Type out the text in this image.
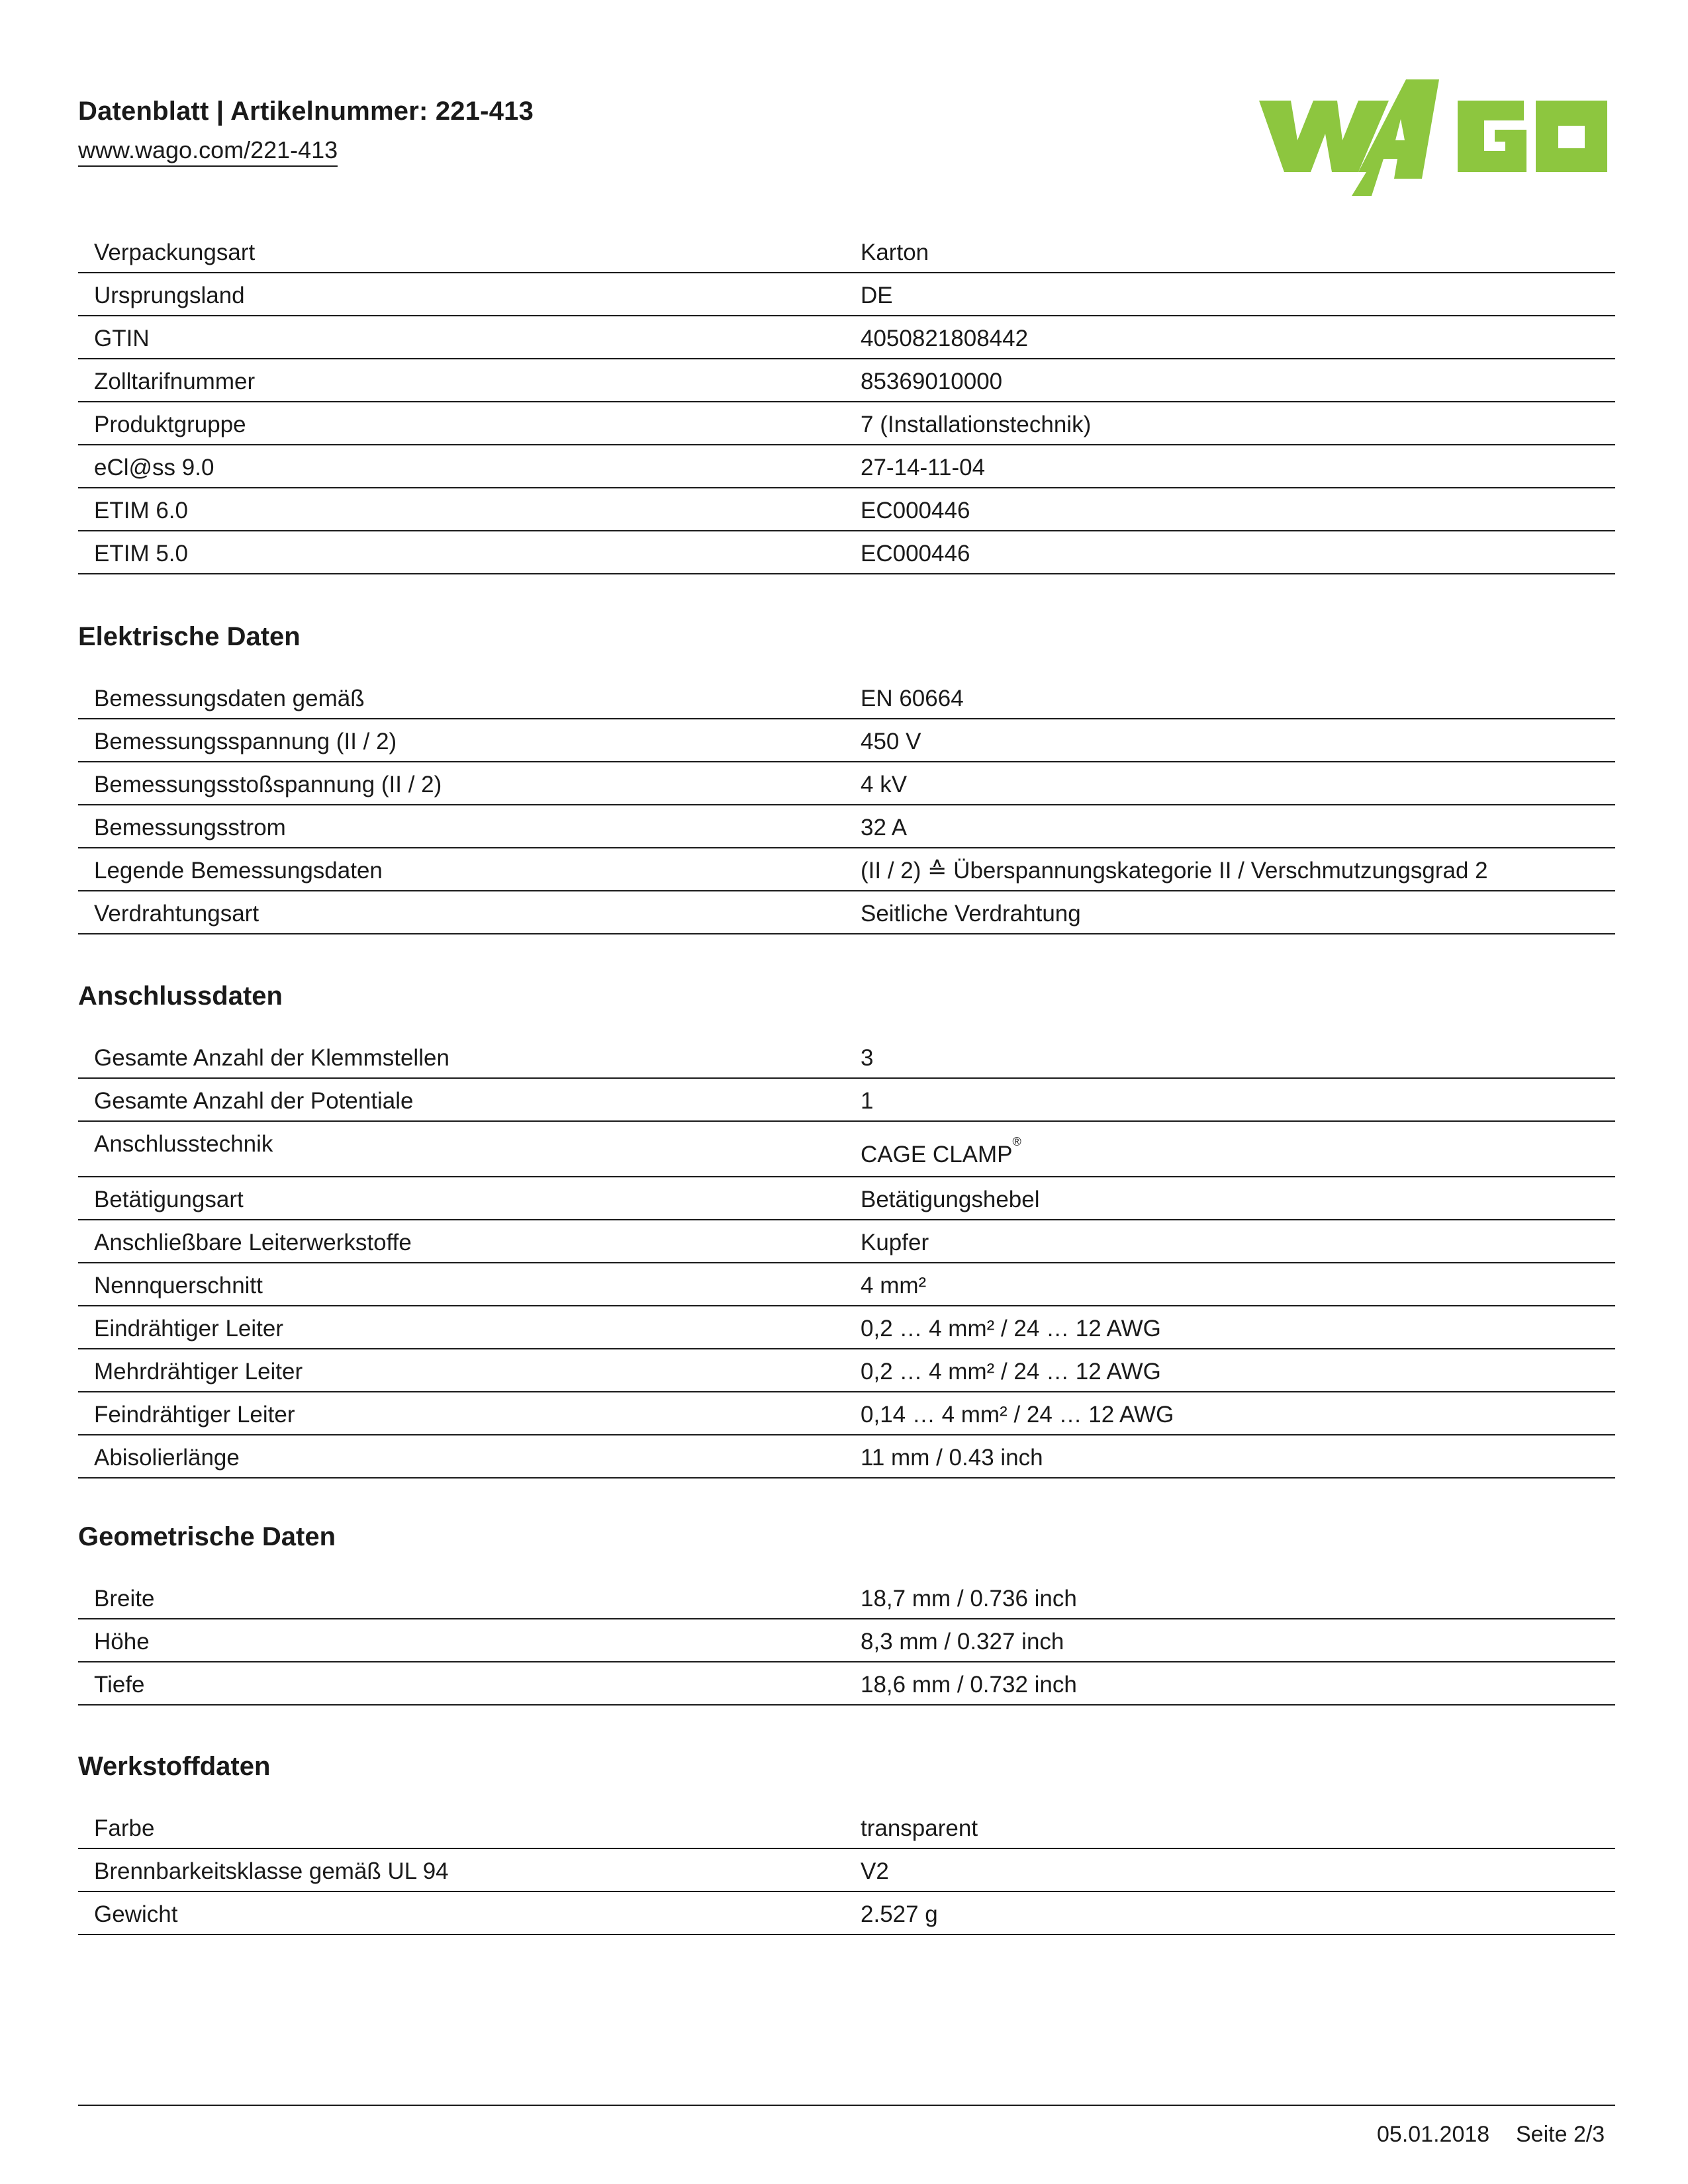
Datenblatt | Artikelnummer: 221-413
www.wago.com/221-413
Verpackungsart	Karton
Ursprungsland	DE
GTIN	4050821808442
Zolltarifnummer	85369010000
Produktgruppe	7 (Installationstechnik)
eCl@ss 9.0	27-14-11-04
ETIM 6.0	EC000446
ETIM 5.0	EC000446
Elektrische Daten
Bemessungsdaten gemäß	EN 60664
Bemessungsspannung (II / 2)	450 V
Bemessungsstoßspannung (II / 2)	4 kV
Bemessungsstrom	32 A
Legende Bemessungsdaten	(II / 2) ≙ Überspannungskategorie II / Verschmutzungsgrad 2
Verdrahtungsart	Seitliche Verdrahtung
Anschlussdaten
Gesamte Anzahl der Klemmstellen	3
Gesamte Anzahl der Potentiale	1
Anschlusstechnik	CAGE CLAMP®
Betätigungsart	Betätigungshebel
Anschließbare Leiterwerkstoffe	Kupfer
Nennquerschnitt	4 mm²
Eindrähtiger Leiter	0,2 … 4 mm² / 24 … 12 AWG
Mehrdrähtiger Leiter	0,2 … 4 mm² / 24 … 12 AWG
Feindrähtiger Leiter	0,14 … 4 mm² / 24 … 12 AWG
Abisolierlänge	11 mm / 0.43 inch
Geometrische Daten
Breite	18,7 mm / 0.736 inch
Höhe	8,3 mm / 0.327 inch
Tiefe	18,6 mm / 0.732 inch
Werkstoffdaten
Farbe	transparent
Brennbarkeitsklasse gemäß UL 94	V2
Gewicht	2.527 g
05.01.2018 Seite 2/3
